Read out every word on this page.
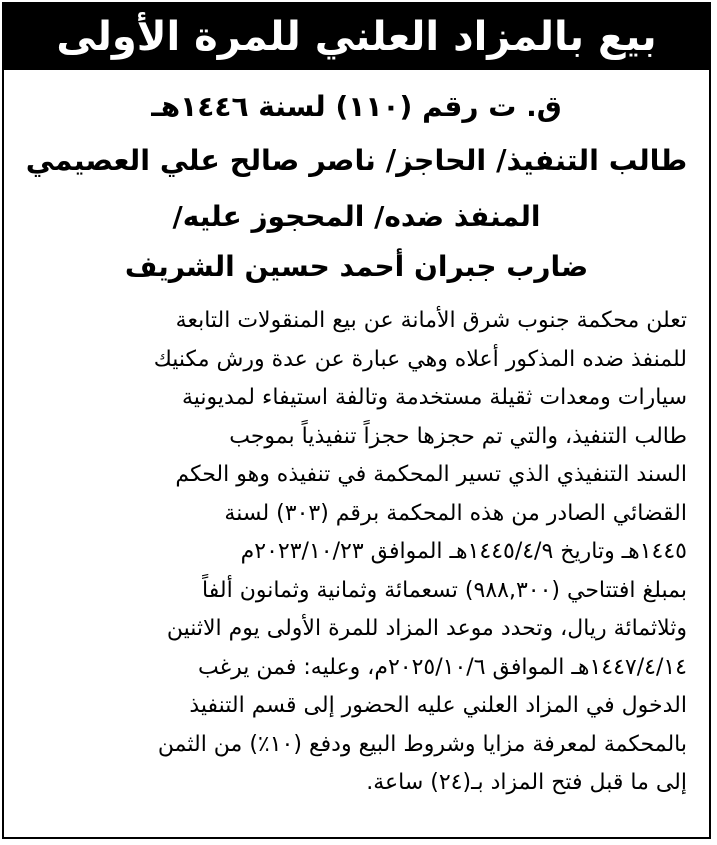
بيع بالمزاد العلني للمرة الأولى
ق. ت رقم (١١٠) لسنة ١٤٤٦هـ
طالب التنفيذ/ الحاجز/ ناصر صالح علي العصيمي
المنفذ ضده/ المحجوز عليه/
ضارب جبران أحمد حسين الشريف
تعلن محكمة جنوب شرق الأمانة عن بيع المنقولات التابعة
للمنفذ ضده المذكور أعلاه وهي عبارة عن عدة ورش مكنيك
سيارات ومعدات ثقيلة مستخدمة وتالفة استيفاء لمديونية
طالب التنفيذ، والتي تم حجزها حجزاً تنفيذياً بموجب
السند التنفيذي الذي تسير المحكمة في تنفيذه وهو الحكم
القضائي الصادر من هذه المحكمة برقم (٣٠٣) لسنة
١٤٤٥هـ وتاريخ ١٤٤٥/٤/٩هـ الموافق ٢٠٢٣/١٠/٢٣م
بمبلغ افتتاحي (٩٨٨,٣٠٠) تسعمائة وثمانية وثمانون ألفاً
وثلاثمائة ريال، وتحدد موعد المزاد للمرة الأولى يوم الاثنين
١٤٤٧/٤/١٤هـ الموافق ٢٠٢٥/١٠/٦م، وعليه: فمن يرغب
الدخول في المزاد العلني عليه الحضور إلى قسم التنفيذ
بالمحكمة لمعرفة مزايا وشروط البيع ودفع (١٠٪) من الثمن
إلى ما قبل فتح المزاد بـ(٢٤) ساعة.
